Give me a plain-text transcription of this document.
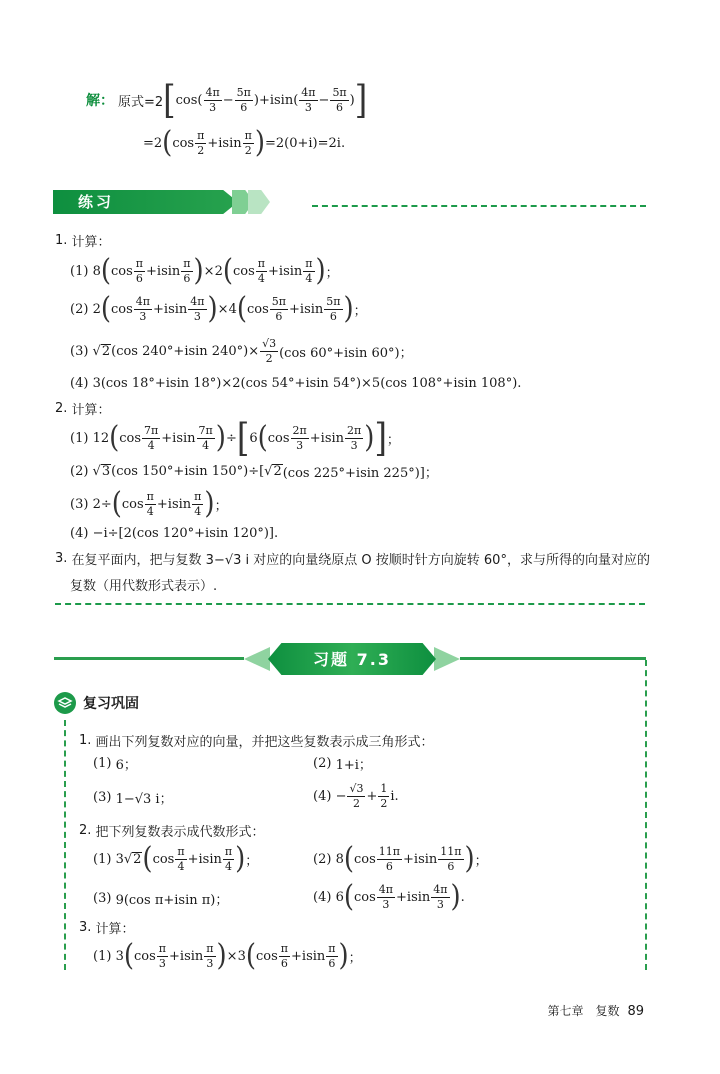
解： 原式=2 [ $\cos( \frac{4\pi}{3} - \frac{5\pi}{6} )+isin( \frac{4\pi}{3} - \frac{5\pi}{6}$ ) ]
=2 ( $\cos \frac{\pi}{2} +isin \frac{\pi}{2}$ ) =2(0+i)=2i.
练习
1.
计算：
(1)
8 ( $\cos \frac{\pi}{6} +isin \frac{\pi}{6}$ ) ×2 ( $\cos \frac{\pi}{4} +isin \frac{\pi}{4}$ ) ；
(2)
2 ( $\cos \frac{4\pi}{3} +isin \frac{4\pi}{3}$ ) ×4 ( $\cos \frac{5\pi}{6} +isin \frac{5\pi}{6}$ ) ；
(3) √ 2 (cos 240°+isin $240^\circ)\times \frac{√3}{2} (\cos$ 60°+isin 60°)；
(4)
3(cos 18°+isin 18°)×2(cos 54°+isin 54°)×5(cos 108°+isin 108°).
2.
计算：
(1)
12 ( $\cos \frac{7\pi}{4} +isin \frac{7\pi}{4}$ ) ÷ [ 6 ( $\cos \frac{2\pi}{3} +isin \frac{2\pi}{3}$ ) ] ；
(2) √ 3 (cos 150°+isin 150°)÷[ √ 2 (cos 225°+isin 225°)]；
(3)
2÷ ( $\cos \frac{\pi}{4} +isin \frac{\pi}{4}$ ) ；
(4)
−i÷[2(cos 120°+isin 120°)].
3.
在复平面内，把与复数 3−√3 i 对应的向量绕原点 O 按顺时针方向旋转 60°，求与所得的向量对应的
复数（用代数形式表示）.
习题 7.3
复习巩固
1.
画出下列复数对应的向量，并把这些复数表示成三角形式：
(1)
6；	(2)
1+i；
(3)
1−√3 i；	(4)
− $\frac{√3}{2} + \frac{1}{2} i$.
2.
把下列复数表示成代数形式：
(1)
3 √ 2 ( $\cos \frac{\pi}{4} +isin \frac{\pi}{4}$ ) ；	(2)
8 ( $\cos \frac{11\pi}{6} +isin \frac{11\pi}{6}$ ) ；
(3)
9(cos π+isin π)；	(4)
6 ( $\cos \frac{4\pi}{3} +isin \frac{4\pi}{3}$ ) .
3.
计算：
(1)
3 ( $\cos \frac{\pi}{3} +isin \frac{\pi}{3}$ ) ×3 ( $\cos \frac{\pi}{6} +isin \frac{\pi}{6}$ ) ；
第七章　复数 89
